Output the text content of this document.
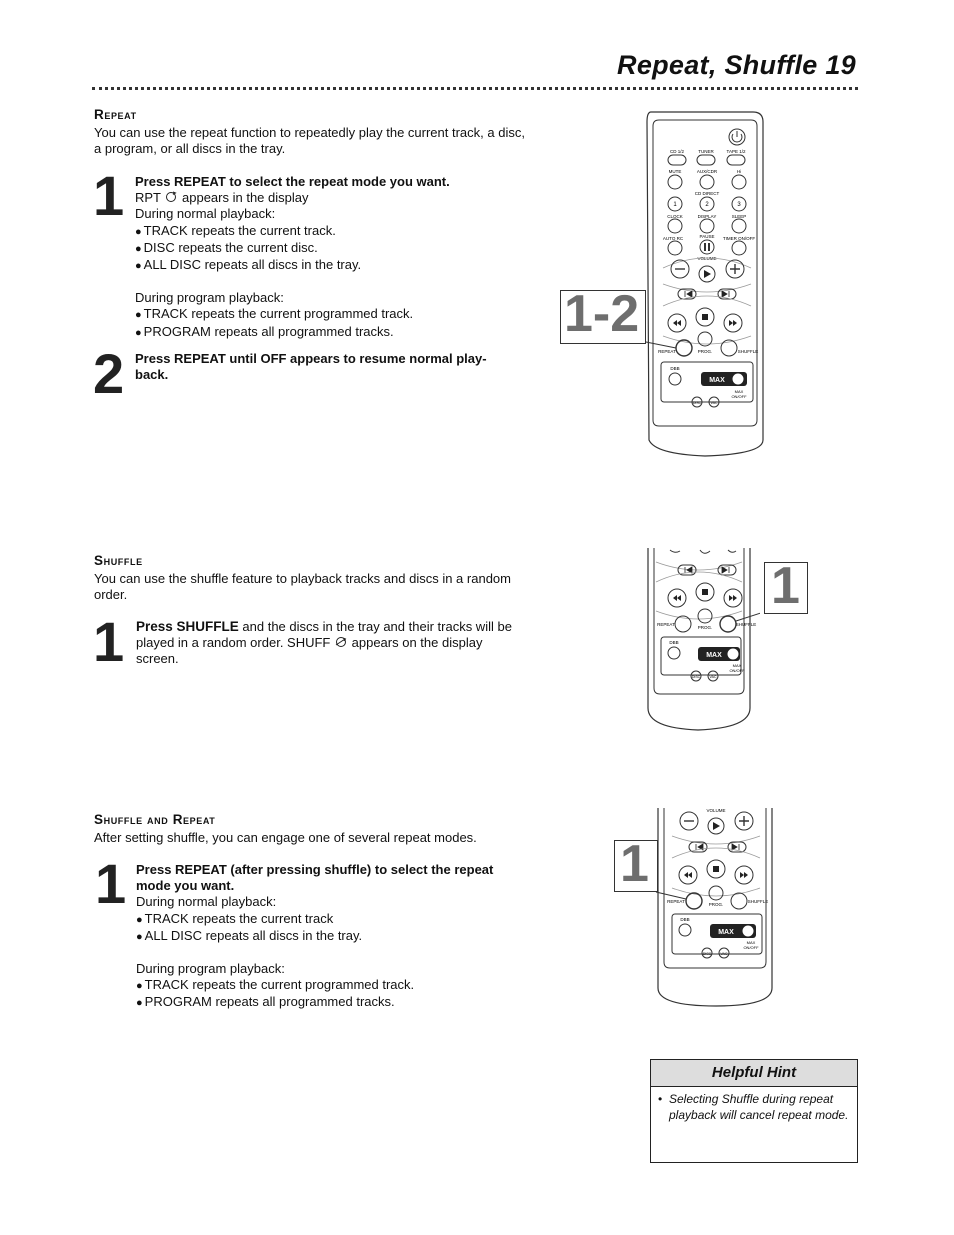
Repeat, Shuffle 19
Repeat
You can use the repeat function to repeatedly play the current track, a disc, a program, or all discs in the tray.
1 Press REPEAT to select the repeat mode you want.
RPT appears in the display
During normal playback:
● TRACK repeats the current track.
● DISC repeats the current disc.
● ALL DISC repeats all discs in the tray.
During program playback:
● TRACK repeats the current programmed track.
● PROGRAM repeats all programmed tracks.
2 Press REPEAT until OFF appears to resume normal play-
back.
CD 1/2	TUNER	TAPE 1/2
MUTE	AUX/CDR	Hi
CD DIRECT
1	2	3
CLOCK	DISPLAY	SLEEP
AUTO RC	PAUSE TIMER ON/OFF
VOLUME
REPEAT	PROG.	SHUFFLE
DBB
MAX
MAX
ON/OFF
DISC	VAC
1-2
Shuffle
You can use the shuffle feature to playback tracks and discs in a random order.
1 Press SHUFFLE and the discs in the tray and their tracks will be
played in a random order. SHUFF appears on the display
screen.
REPEAT
PROG.
SHUFFLE
DBB
MAX
MAX
ON/OFF
DISC	VAC
1
Shuffle and Repeat
After setting shuffle, you can engage one of several repeat modes.
1 Press REPEAT (after pressing shuffle) to select the repeat
mode you want.
During normal playback:
● TRACK repeats the current track
● ALL DISC repeats all discs in the tray.
During program playback:
● TRACK repeats the current programmed track.
● PROGRAM repeats all programmed tracks.
VOLUME
REPEAT
PROG.
SHUFFLE
DBB
MAX
MAX
ON/OFF
DISC	VAC
1
Helpful Hint
• Selecting Shuffle during repeat playback will cancel repeat mode.
